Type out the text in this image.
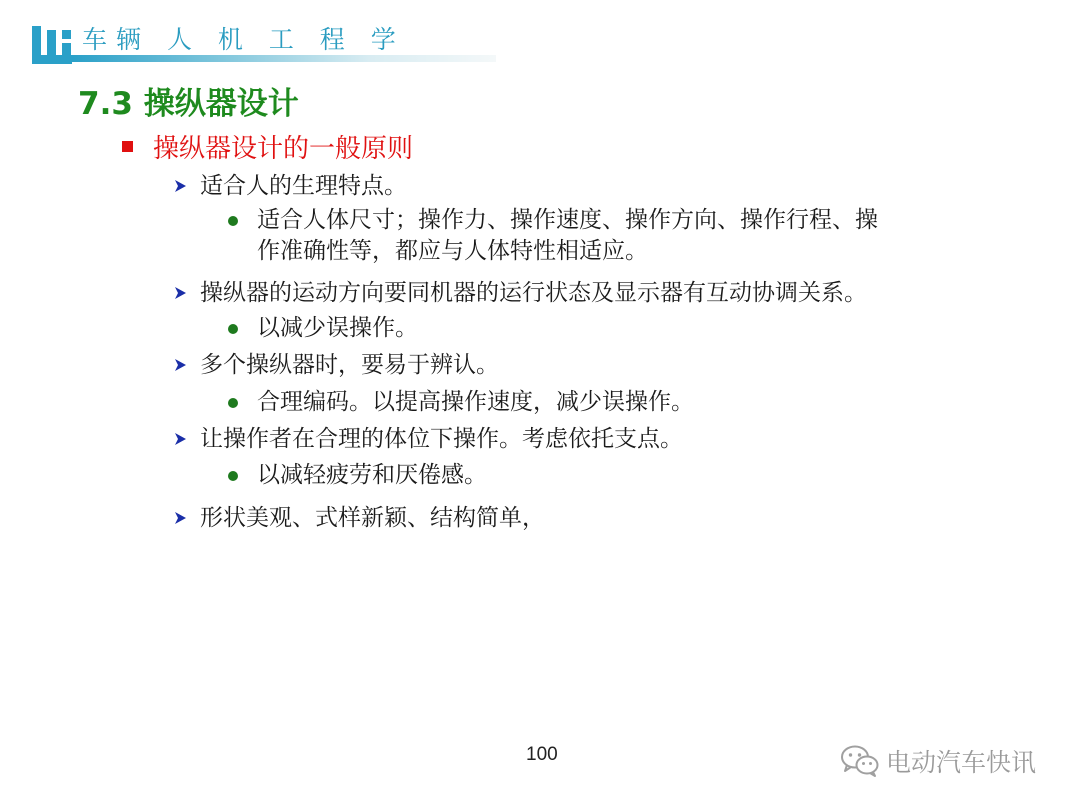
车辆 人 机 工 程 学
7.3 操纵器设计
操纵器设计的一般原则
适合人的生理特点。
适合人体尺寸；操作力、操作速度、操作方向、操作行程、操
作准确性等，都应与人体特性相适应。
操纵器的运动方向要同机器的运行状态及显示器有互动协调关系。
以减少误操作。
多个操纵器时，要易于辨认。
合理编码。以提高操作速度，减少误操作。
让操作者在合理的体位下操作。考虑依托支点。
以减轻疲劳和厌倦感。
形状美观、式样新颖、结构简单，
100	电动汽车快讯
